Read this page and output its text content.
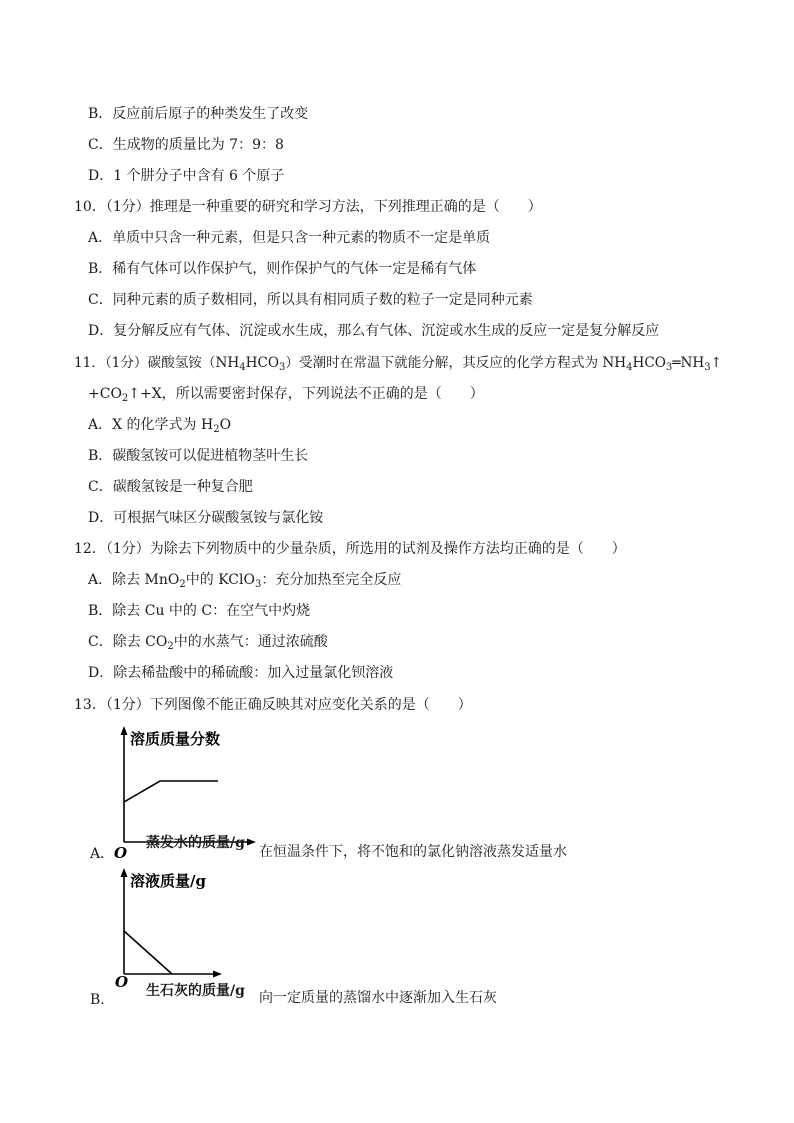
B．反应前后原子的种类发生了改变
C．生成物的质量比为 7：9：8
D．1 个肼分子中含有 6 个原子
10．（1分）推理是一种重要的研究和学习方法，下列推理正确的是（　　）
A．单质中只含一种元素，但是只含一种元素的物质不一定是单质
B．稀有气体可以作保护气，则作保护气的气体一定是稀有气体
C．同种元素的质子数相同，所以具有相同质子数的粒子一定是同种元素
D．复分解反应有气体、沉淀或水生成，那么有气体、沉淀或水生成的反应一定是复分解反应
11．（1分）碳酸氢铵$(NH_4HCO_3)$受潮时在常温下就能分解，其反应的化学方程式为 $NH_4HCO_3═NH_3↑$
$+CO_2↑+X$，所以需要密封保存，下列说法不正确的是（　　）
A．X 的化学式为 $H_2O$
B．碳酸氢铵可以促进植物茎叶生长
C．碳酸氢铵是一种复合肥
D．可根据气味区分碳酸氢铵与氯化铵
12．（1分）为除去下列物质中的少量杂质，所选用的试剂及操作方法均正确的是（　　）
A．除去 MnO$_2$中的 KClO$_3$：充分加热至完全反应
B．除去 Cu 中的 C：在空气中灼烧
C．除去 $CO_2$中的水蒸气：通过浓硫酸
D．除去稀盐酸中的稀硫酸：加入过量氯化钡溶液
13．（1分）下列图像不能正确反映其对应变化关系的是（　　）
溶质质量分数
O
蒸发水的质量/g
A．	在恒温条件下，将不饱和的氯化钠溶液蒸发适量水
溶液质量/g
O 生石灰的质量/g
B．	向一定质量的蒸馏水中逐渐加入生石灰
